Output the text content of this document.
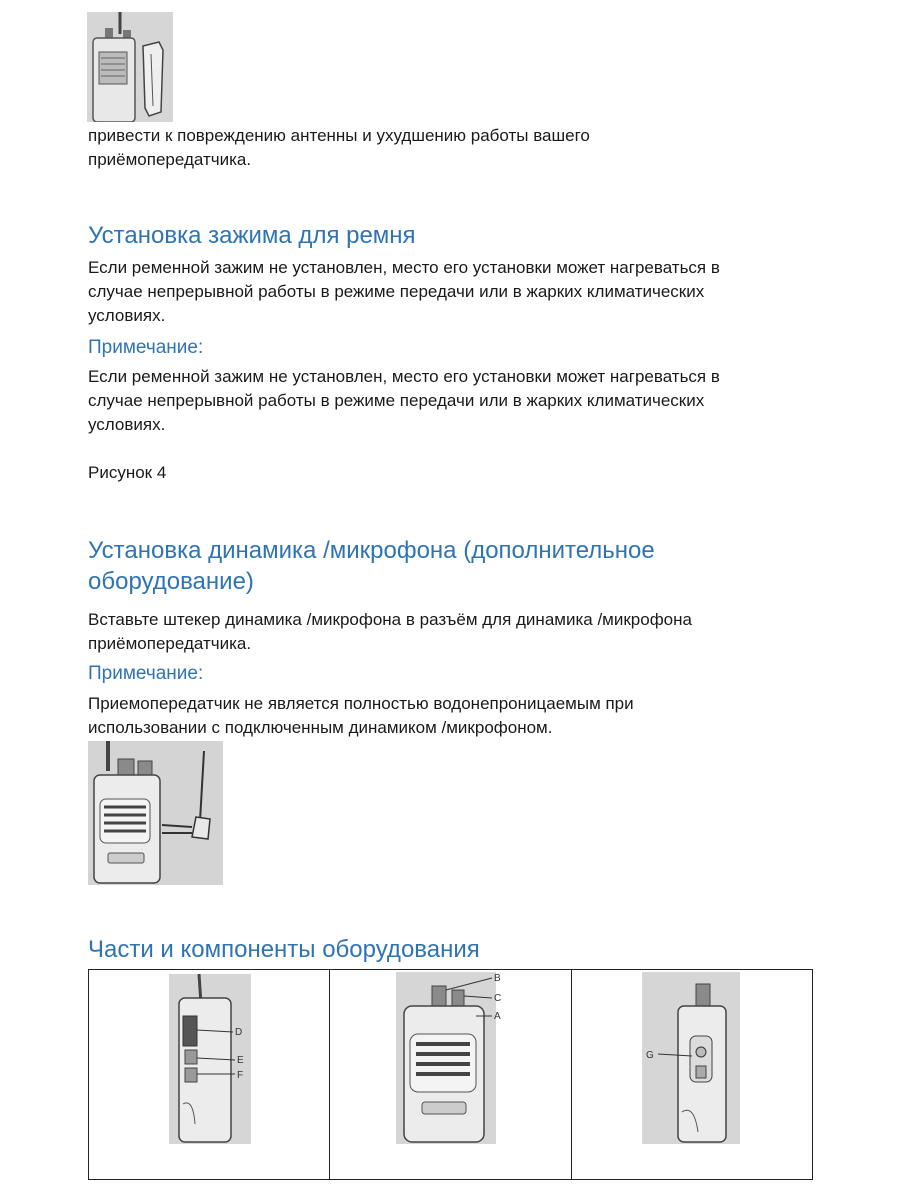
привести к повреждению антенны и ухудшению работы вашего
приёмопередатчика.
Установка зажима для ремня
Если ременной зажим не установлен, место его установки может нагреваться в
случае непрерывной работы в режиме передачи или в жарких климатических
условиях.
Примечание:
Если ременной зажим не установлен, место его установки может нагреваться в
случае непрерывной работы в режиме передачи или в жарких климатических
условиях.
Рисунок 4
Установка динамика /микрофона (дополнительное
оборудование)
Вставьте штекер динамика /микрофона в разъём для динамика /микрофона
приёмопередатчика.
Примечание:
Приемопередатчик не является полностью водонепроницаемым при
использовании с подключенным динамиком /микрофоном.
Части и компоненты оборудования
D
E
F
B
C
A
G
